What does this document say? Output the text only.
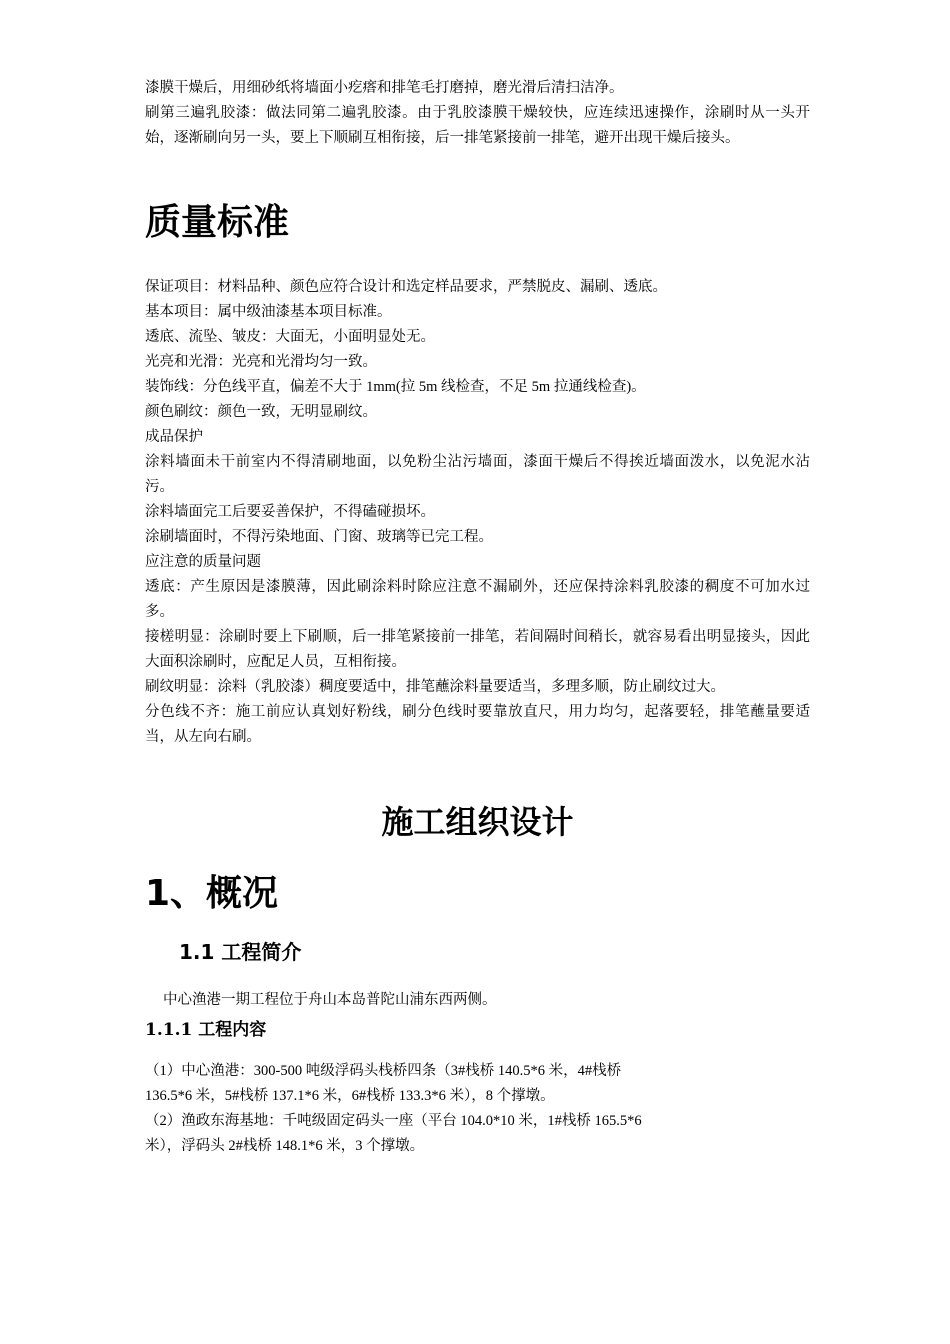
漆膜干燥后，用细砂纸将墙面小疙瘩和排笔毛打磨掉，磨光滑后清扫洁净。

刷第三遍乳胶漆：做法同第二遍乳胶漆。由于乳胶漆膜干燥较快，应连续迅速操作，涂刷时从一头开始，逐渐刷向另一头，要上下顺刷互相衔接，后一排笔紧接前一排笔，避开出现干燥后接头。

质量标准

保证项目：材料品种、颜色应符合设计和选定样品要求，严禁脱皮、漏刷、透底。

基本项目：属中级油漆基本项目标准。

透底、流坠、皱皮：大面无，小面明显处无。

光亮和光滑：光亮和光滑均匀一致。

装饰线：分色线平直，偏差不大于 1mm(拉 5m 线检查，不足 5m 拉通线检查)。

颜色刷纹：颜色一致，无明显刷纹。

成品保护

涂料墙面未干前室内不得清刷地面，以免粉尘沾污墙面，漆面干燥后不得挨近墙面泼水，以免泥水沾污。

涂料墙面完工后要妥善保护，不得磕碰损坏。

涂刷墙面时，不得污染地面、门窗、玻璃等已完工程。

应注意的质量问题

透底：产生原因是漆膜薄，因此刷涂料时除应注意不漏刷外，还应保持涂料乳胶漆的稠度不可加水过多。

接槎明显：涂刷时要上下刷顺，后一排笔紧接前一排笔，若间隔时间稍长，就容易看出明显接头，因此大面积涂刷时，应配足人员，互相衔接。

刷纹明显：涂料（乳胶漆）稠度要适中，排笔蘸涂料量要适当，多理多顺，防止刷纹过大。

分色线不齐：施工前应认真划好粉线，刷分色线时要靠放直尺，用力均匀，起落要轻，排笔蘸量要适当，从左向右刷。

施工组织设计
1、概况
1.1 工程简介

中心渔港一期工程位于舟山本岛普陀山浦东西两侧。

1.1.1 工程内容

（1）中心渔港：300-500 吨级浮码头栈桥四条（3#栈桥 140.5*6 米，4#栈桥

136.5*6 米，5#栈桥 137.1*6 米，6#栈桥 133.3*6 米），8 个撑墩。

（2）渔政东海基地：千吨级固定码头一座（平台 104.0*10 米，1#栈桥 165.5*6

米），浮码头 2#栈桥 148.1*6 米，3 个撑墩。
